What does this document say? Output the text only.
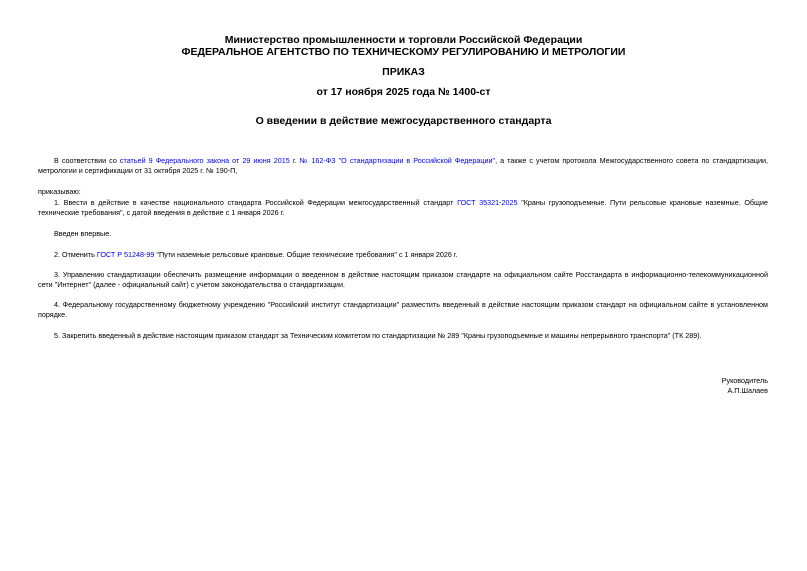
Министерство промышленности и торговли Российской Федерации
ФЕДЕРАЛЬНОЕ АГЕНТСТВО ПО ТЕХНИЧЕСКОМУ РЕГУЛИРОВАНИЮ И МЕТРОЛОГИИ
ПРИКАЗ
от 17 ноября 2025 года № 1400-ст
О введении в действие межгосударственного стандарта
В соответствии со статьей 9 Федерального закона от 29 июня 2015 г. № 162-ФЗ "О стандартизации в Российской Федерации", а также с учетом протокола Межгосударственного совета по стандартизации, метрологии и сертификации от 31 октября 2025 г. № 190-П,
приказываю:
1. Ввести в действие в качестве национального стандарта Российской Федерации межгосударственный стандарт ГОСТ 35321-2025 "Краны грузоподъемные. Пути рельсовые крановые наземные. Общие технические требования", с датой введения в действие с 1 января 2026 г.
Введен впервые.
2. Отменить ГОСТ Р 51248-99 "Пути наземные рельсовые крановые. Общие технические требования" с 1 января 2026 г.
3. Управлению стандартизации обеспечить размещение информации о введенном в действие настоящим приказом стандарте на официальном сайте Росстандарта в информационно-телекоммуникационной сети "Интернет" (далее - официальный сайт) с учетом законодательства о стандартизации.
4. Федеральному государственному бюджетному учреждению "Российский институт стандартизации" разместить введенный в действие настоящим приказом стандарт на официальном сайте в установленном порядке.
5. Закрепить введенный в действие настоящим приказом стандарт за Техническим комитетом по стандартизации № 289 "Краны грузоподъемные и машины непрерывного транспорта" (ТК 289).
Руководитель
А.П.Шалаев
